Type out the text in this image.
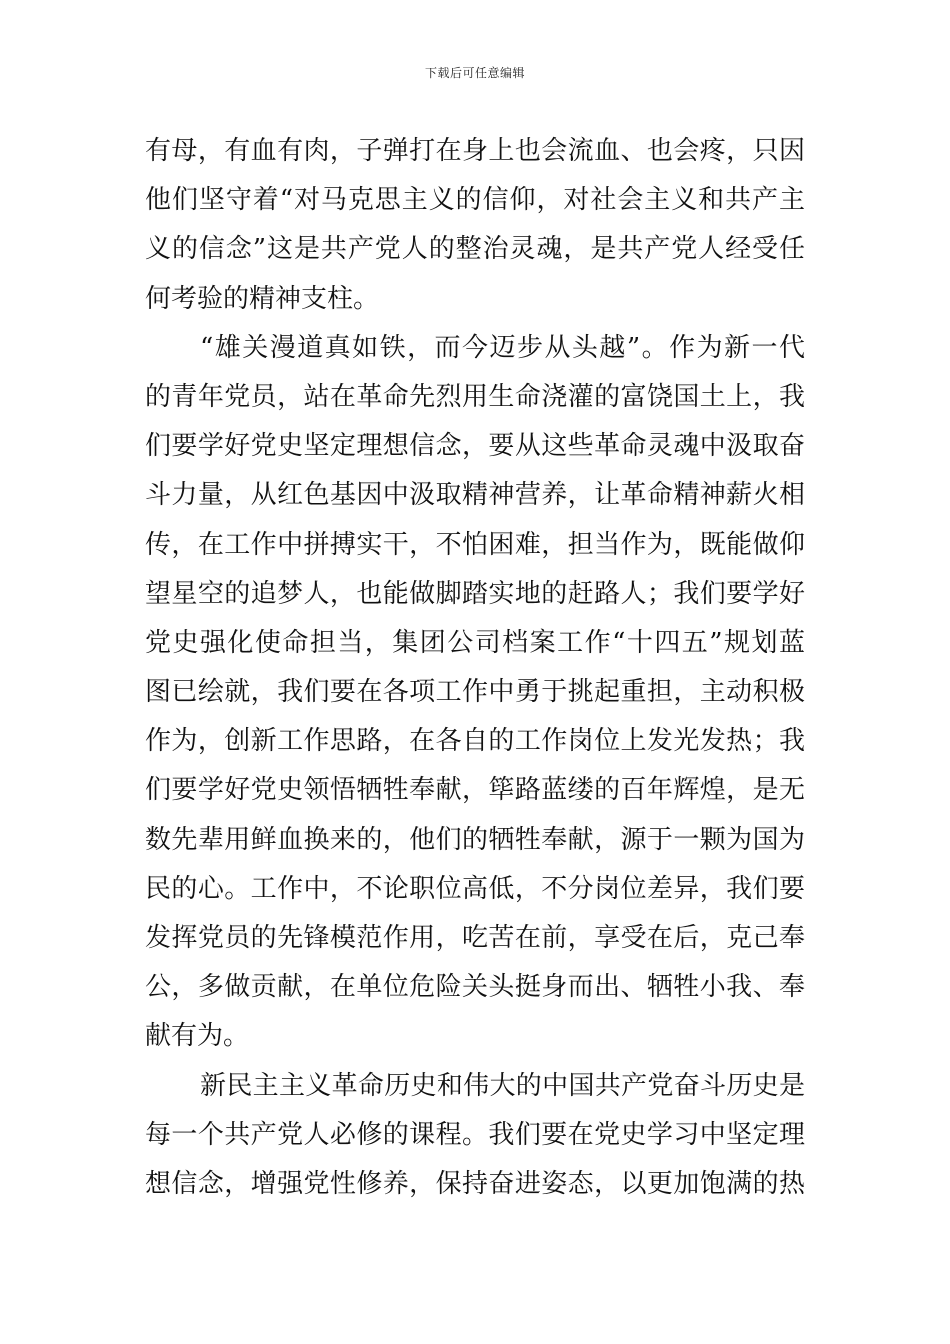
下载后可任意编辑
有母，有血有肉，子弹打在身上也会流血、也会疼，只因
他们坚守着“对马克思主义的信仰，对社会主义和共产主
义的信念”这是共产党人的整治灵魂，是共产党人经受任
何考验的精神支柱。
“雄关漫道真如铁，而今迈步从头越”。作为新一代
的青年党员，站在革命先烈用生命浇灌的富饶国土上，我
们要学好党史坚定理想信念，要从这些革命灵魂中汲取奋
斗力量，从红色基因中汲取精神营养，让革命精神薪火相
传，在工作中拼搏实干，不怕困难，担当作为，既能做仰
望星空的追梦人，也能做脚踏实地的赶路人；我们要学好
党史强化使命担当，集团公司档案工作“十四五”规划蓝
图已绘就，我们要在各项工作中勇于挑起重担，主动积极
作为，创新工作思路，在各自的工作岗位上发光发热；我
们要学好党史领悟牺牲奉献，筚路蓝缕的百年辉煌，是无
数先辈用鲜血换来的，他们的牺牲奉献，源于一颗为国为
民的心。工作中，不论职位高低，不分岗位差异，我们要
发挥党员的先锋模范作用，吃苦在前，享受在后，克己奉
公，多做贡献，在单位危险关头挺身而出、牺牲小我、奉
献有为。
新民主主义革命历史和伟大的中国共产党奋斗历史是
每一个共产党人必修的课程。我们要在党史学习中坚定理
想信念，增强党性修养，保持奋进姿态，以更加饱满的热
